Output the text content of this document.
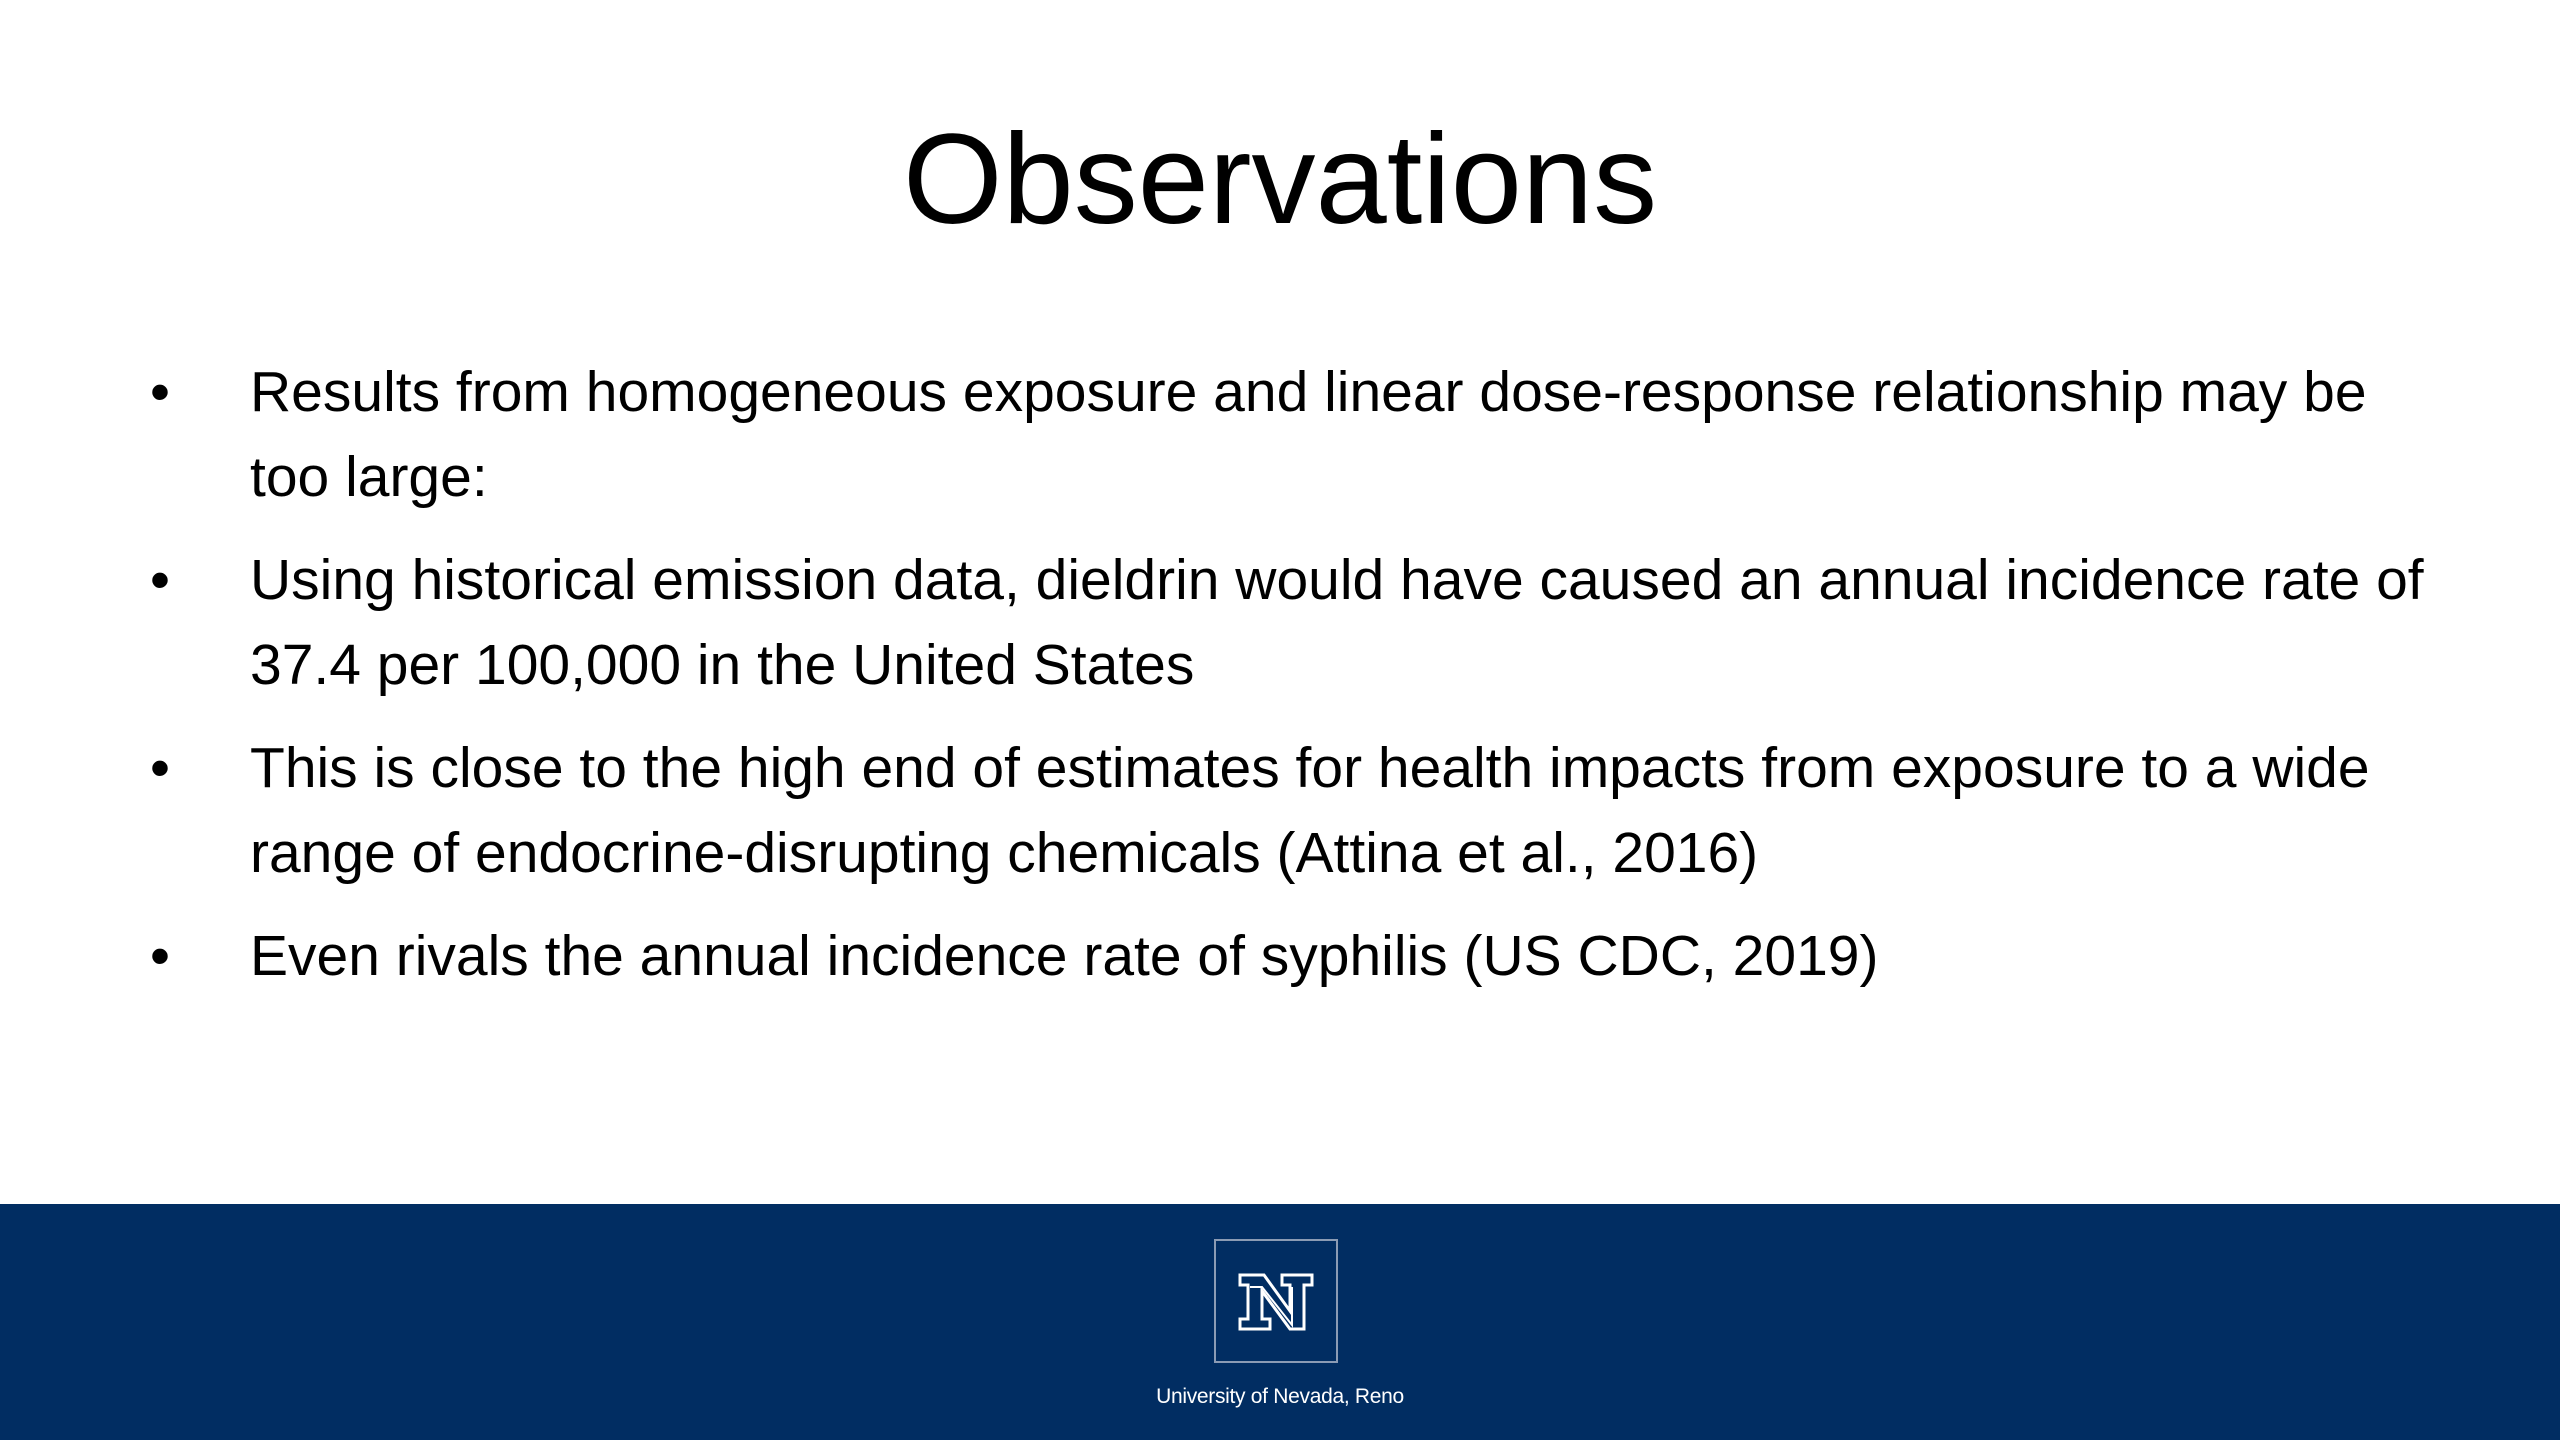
Observations
•	Results from homogeneous exposure and linear dose-response relationship may be too large:
•	Using historical emission data, dieldrin would have caused an annual incidence rate of 37.4 per 100,000 in the United States
•	This is close to the high end of estimates for health impacts from exposure to a wide range of endocrine-disrupting chemicals (Attina et al., 2016)
•	Even rivals the annual incidence rate of syphilis (US CDC, 2019)
University of Nevada, Reno
